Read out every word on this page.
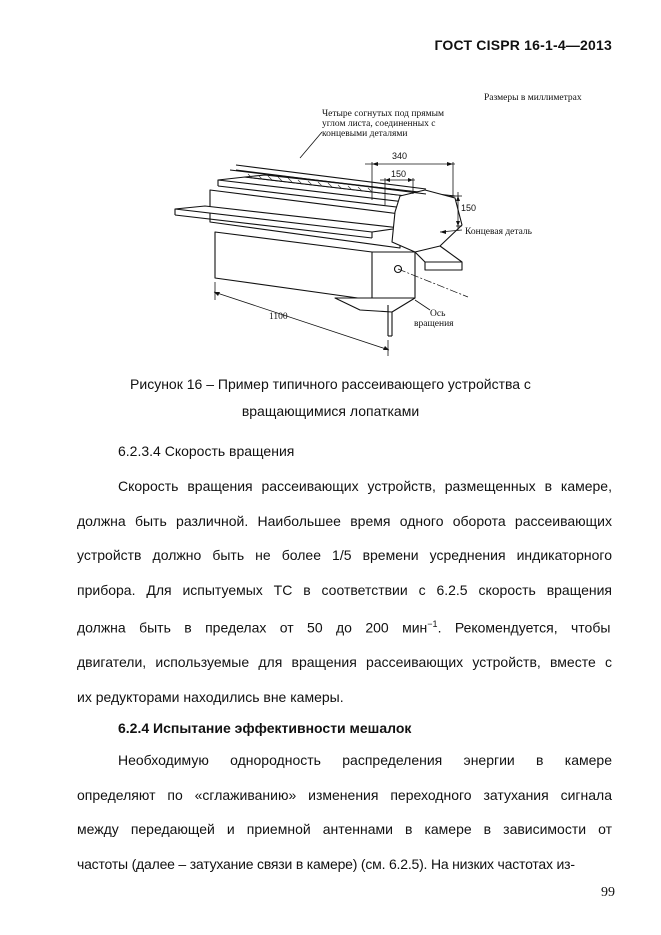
ГОСТ CISPR 16-1-4—2013
Размеры в миллиметрах
Четыре согнутых под прямым
углом листа, соединенных с
концевыми деталями
340
150
150
Концевая деталь
1100	Ось
вращения
Рисунок 16 – Пример типичного рассеивающего устройства с
вращающимися лопатками
6.2.3.4 Скорость вращения
Скорость вращения рассеивающих устройств, размещенных в камере,
должна быть различной. Наибольшее время одного оборота рассеивающих
устройств должно быть не более 1/5 времени усреднения индикаторного
прибора. Для испытуемых ТС в соответствии с 6.2.5 скорость вращения
должна быть в пределах от 50 до 200 мин$^{-1}$. Рекомендуется, чтобы
двигатели, используемые для вращения рассеивающих устройств, вместе с
их редукторами находились вне камеры.
6.2.4 Испытание эффективности мешалок
Необходимую однородность распределения энергии в камере
определяют по «сглаживанию» изменения переходного затухания сигнала
между передающей и приемной антеннами в камере в зависимости от
частоты (далее – затухание связи в камере) (см. 6.2.5). На низких частотах из-
99
